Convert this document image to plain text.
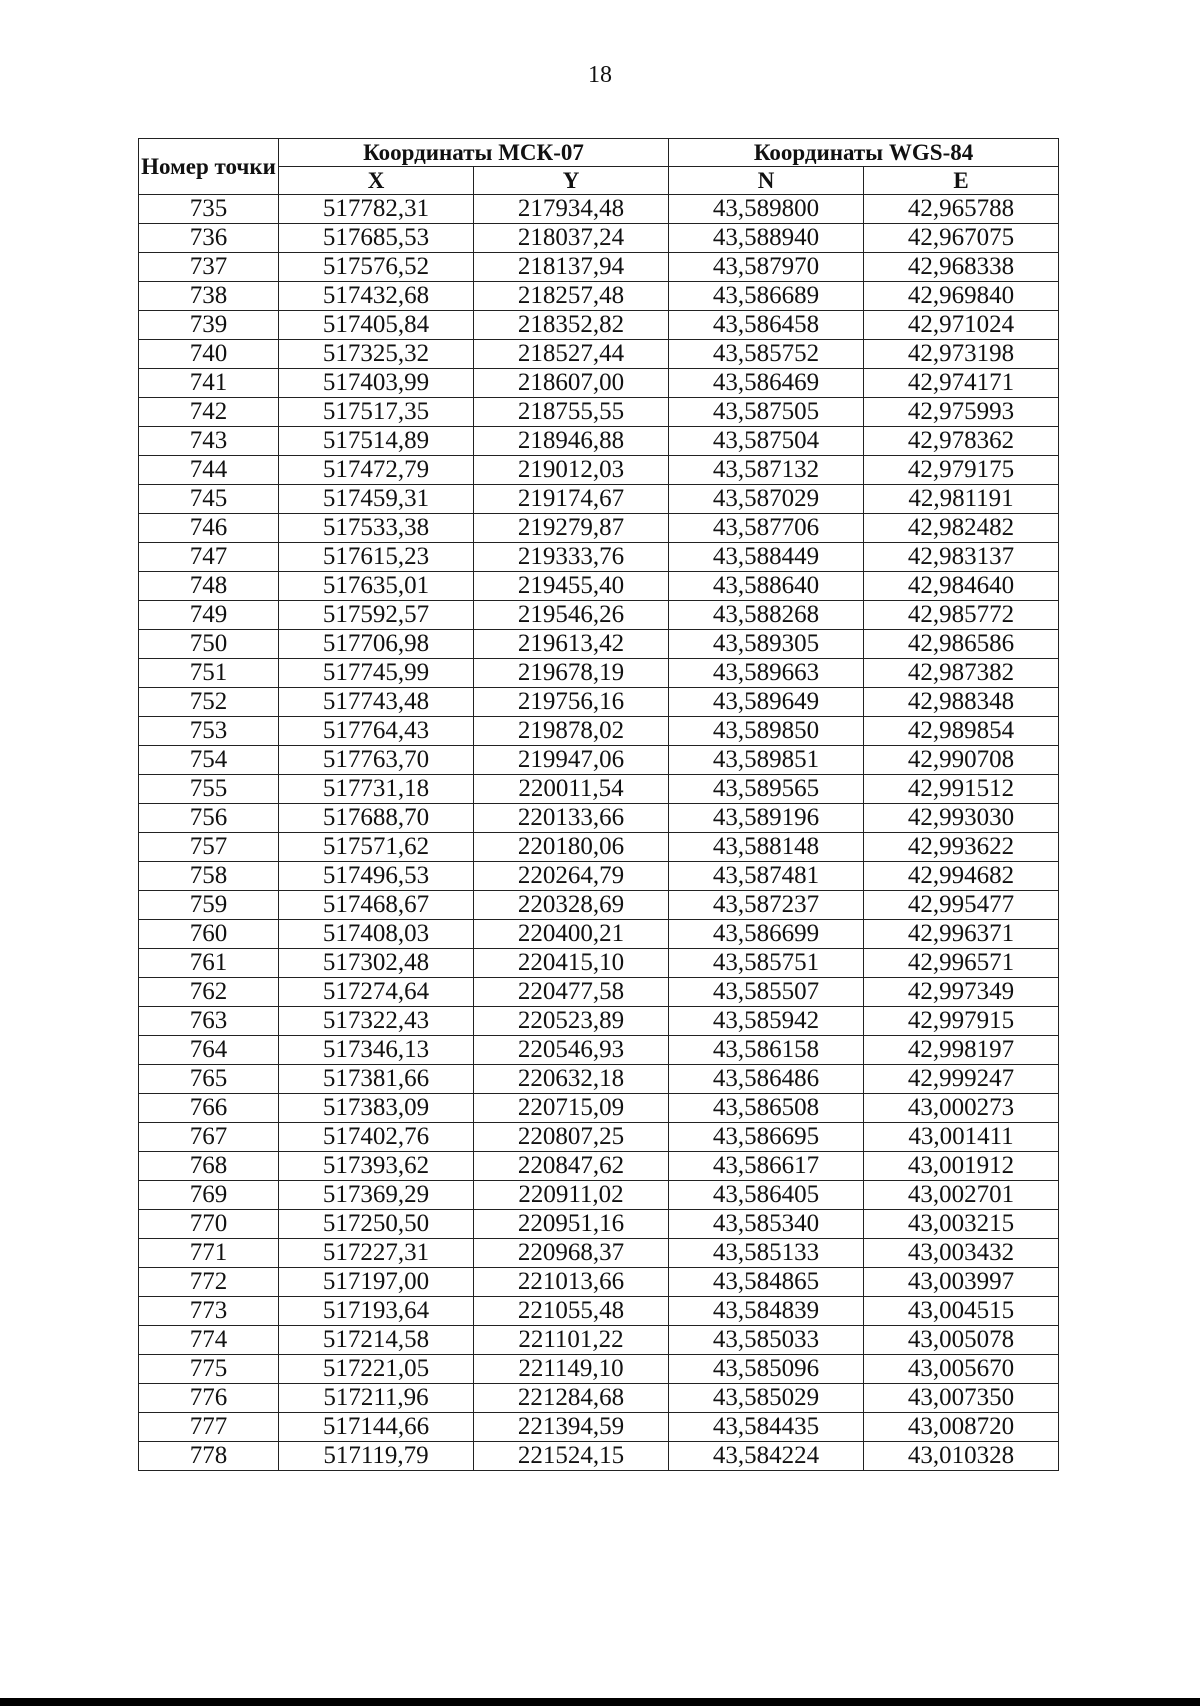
18
Номер точки	Координаты МСК-07		Координаты WGS-84	
	X	Y	N	E
735	517782,31	217934,48	43,589800	42,965788
736	517685,53	218037,24	43,588940	42,967075
737	517576,52	218137,94	43,587970	42,968338
738	517432,68	218257,48	43,586689	42,969840
739	517405,84	218352,82	43,586458	42,971024
740	517325,32	218527,44	43,585752	42,973198
741	517403,99	218607,00	43,586469	42,974171
742	517517,35	218755,55	43,587505	42,975993
743	517514,89	218946,88	43,587504	42,978362
744	517472,79	219012,03	43,587132	42,979175
745	517459,31	219174,67	43,587029	42,981191
746	517533,38	219279,87	43,587706	42,982482
747	517615,23	219333,76	43,588449	42,983137
748	517635,01	219455,40	43,588640	42,984640
749	517592,57	219546,26	43,588268	42,985772
750	517706,98	219613,42	43,589305	42,986586
751	517745,99	219678,19	43,589663	42,987382
752	517743,48	219756,16	43,589649	42,988348
753	517764,43	219878,02	43,589850	42,989854
754	517763,70	219947,06	43,589851	42,990708
755	517731,18	220011,54	43,589565	42,991512
756	517688,70	220133,66	43,589196	42,993030
757	517571,62	220180,06	43,588148	42,993622
758	517496,53	220264,79	43,587481	42,994682
759	517468,67	220328,69	43,587237	42,995477
760	517408,03	220400,21	43,586699	42,996371
761	517302,48	220415,10	43,585751	42,996571
762	517274,64	220477,58	43,585507	42,997349
763	517322,43	220523,89	43,585942	42,997915
764	517346,13	220546,93	43,586158	42,998197
765	517381,66	220632,18	43,586486	42,999247
766	517383,09	220715,09	43,586508	43,000273
767	517402,76	220807,25	43,586695	43,001411
768	517393,62	220847,62	43,586617	43,001912
769	517369,29	220911,02	43,586405	43,002701
770	517250,50	220951,16	43,585340	43,003215
771	517227,31	220968,37	43,585133	43,003432
772	517197,00	221013,66	43,584865	43,003997
773	517193,64	221055,48	43,584839	43,004515
774	517214,58	221101,22	43,585033	43,005078
775	517221,05	221149,10	43,585096	43,005670
776	517211,96	221284,68	43,585029	43,007350
777	517144,66	221394,59	43,584435	43,008720
778	517119,79	221524,15	43,584224	43,010328
